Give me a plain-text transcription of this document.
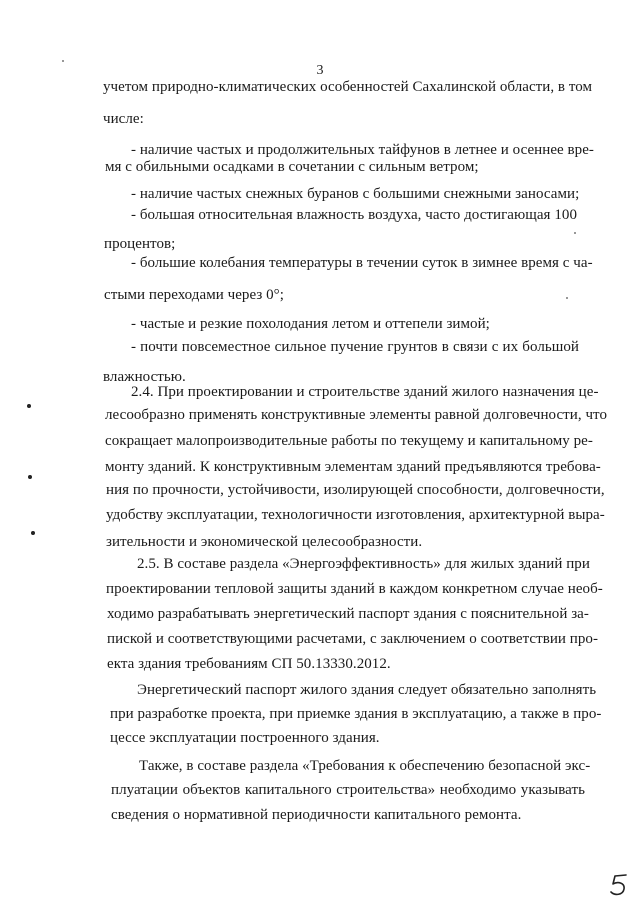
3
учетом природно-климатических особенностей Сахалинской области, в том
числе:
- наличие частых и продолжительных тайфунов в летнее и осеннее вре-
мя с обильными осадками в сочетании с сильным ветром;
- наличие частых снежных буранов с большими снежными заносами;
- большая относительная влажность воздуха, часто достигающая 100
процентов;
- большие колебания температуры в течении суток в зимнее время с ча-
стыми переходами через 0°;
- частые и резкие похолодания летом и оттепели зимой;
- почти повсеместное сильное пучение грунтов в связи с их большой
влажностью.
2.4. При проектировании и строительстве зданий жилого назначения це-
лесообразно применять конструктивные элементы равной долговечности, что
сокращает малопроизводительные работы по текущему и капитальному ре-
монту зданий. К конструктивным элементам зданий предъявляются требова-
ния по прочности, устойчивости, изолирующей способности, долговечности,
удобству эксплуатации, технологичности изготовления, архитектурной выра-
зительности и экономической целесообразности.
2.5. В составе раздела «Энергоэффективность» для жилых зданий при
проектировании тепловой защиты зданий в каждом конкретном случае необ-
ходимо разрабатывать энергетический паспорт здания с пояснительной за-
пиской и соответствующими расчетами, с заключением о соответствии про-
екта здания требованиям СП 50.13330.2012.
Энергетический паспорт жилого здания следует обязательно заполнять
при разработке проекта, при приемке здания в эксплуатацию, а также в про-
цессе эксплуатации построенного здания.
Также, в составе раздела «Требования к обеспечению безопасной экс-
плуатации объектов капитального строительства» необходимо указывать
сведения о нормативной периодичности капитального ремонта.
